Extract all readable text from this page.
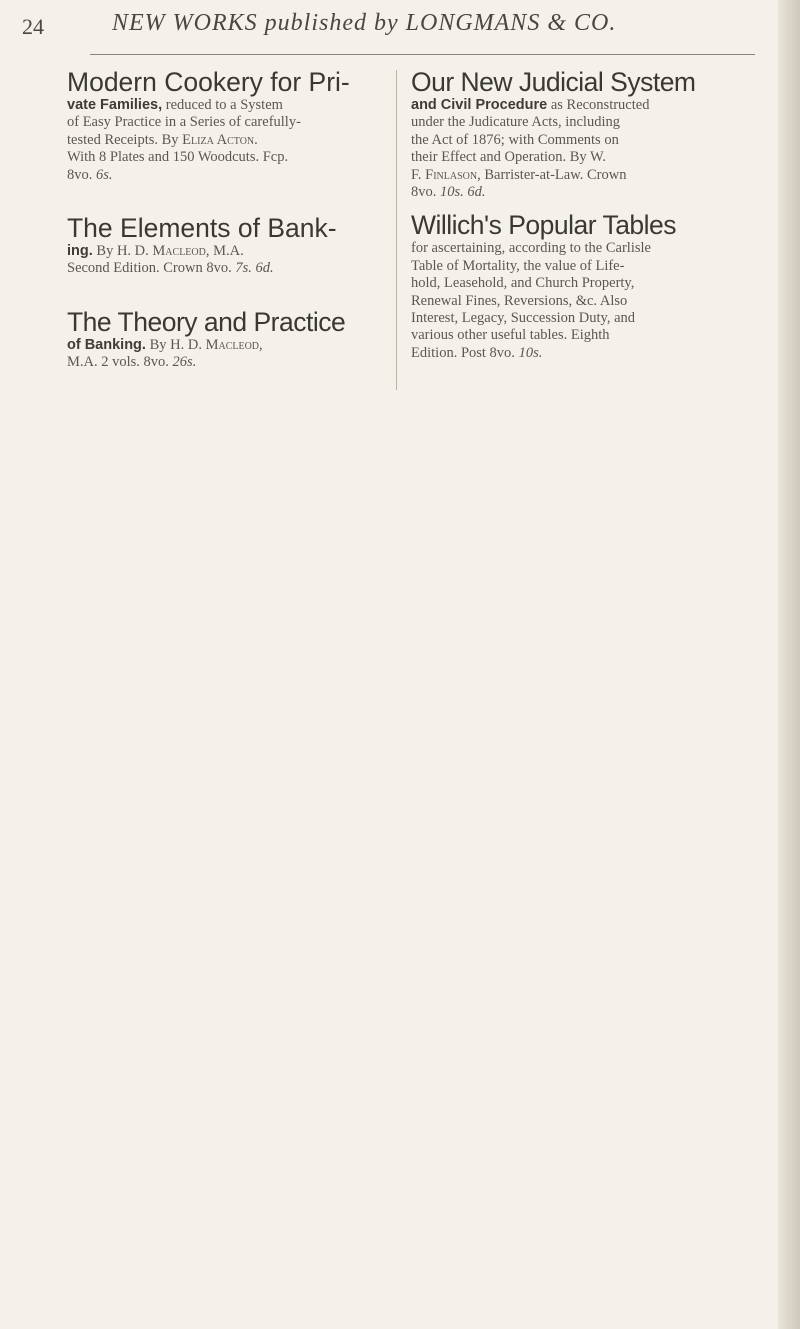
24	NEW WORKS published by LONGMANS & CO.
Modern Cookery for Pri-
vate Families, reduced to a System
of Easy Practice in a Series of carefully-
tested Receipts. By Eliza Acton.
With 8 Plates and 150 Woodcuts. Fcp.
8vo. 6s.
The Elements of Bank-
ing. By H. D. Macleod, M.A.
Second Edition. Crown 8vo. 7s. 6d.
The Theory and Practice
of Banking. By H. D. Macleod,
M.A. 2 vols. 8vo. 26s.
Our New Judicial System
and Civil Procedure as Reconstructed
under the Judicature Acts, including
the Act of 1876; with Comments on
their Effect and Operation. By W.
F. Finlason, Barrister-at-Law. Crown
8vo. 10s. 6d.
Willich's Popular Tables
for ascertaining, according to the Carlisle
Table of Mortality, the value of Life-
hold, Leasehold, and Church Property,
Renewal Fines, Reversions, &c. Also
Interest, Legacy, Succession Duty, and
various other useful tables. Eighth
Edition. Post 8vo. 10s.
